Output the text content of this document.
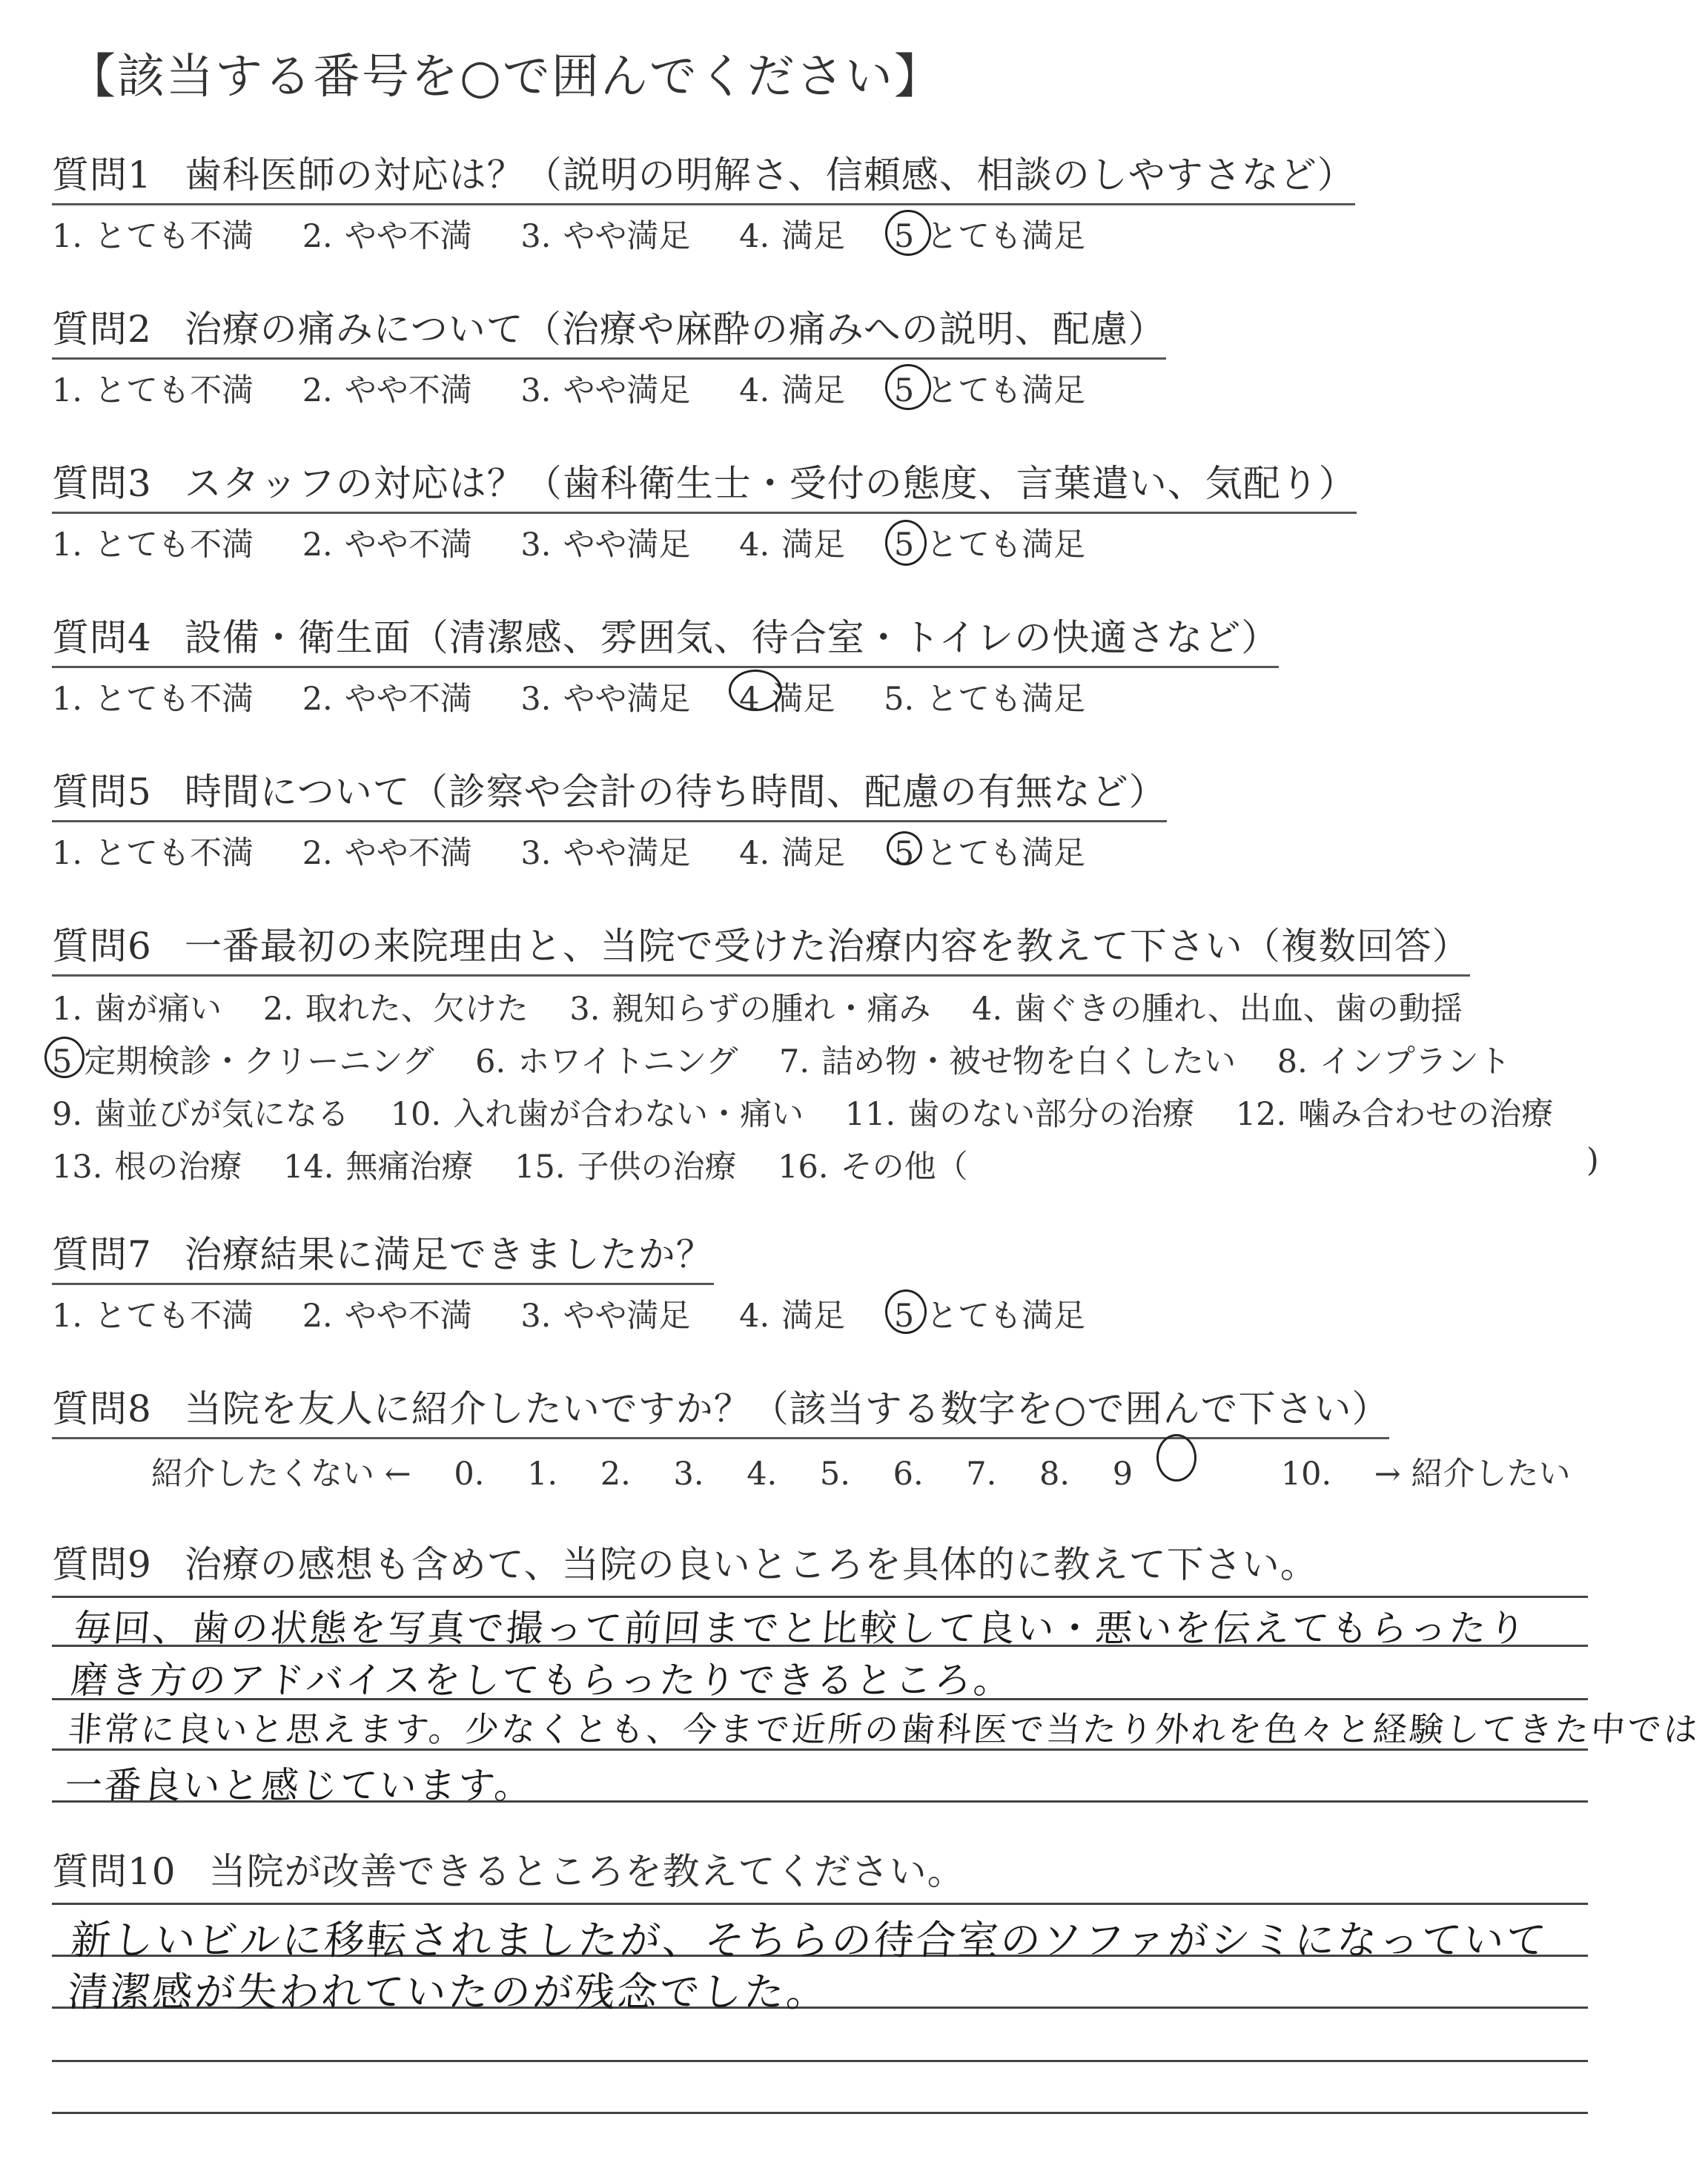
【該当する番号を○で囲んでください】
質問1 歯科医師の対応は？（説明の明解さ、信頼感、相談のしやすさなど）
1. とても不満 2. やや不満 3. やや満足 4. 満足 5 とても満足
質問2 治療の痛みについて（治療や麻酔の痛みへの説明、配慮）
1. とても不満 2. やや不満 3. やや満足 4. 満足 5 とても満足
質問3 スタッフの対応は？（歯科衛生士・受付の態度、言葉遣い、気配り）
1. とても不満 2. やや不満 3. やや満足 4. 満足 5 とても満足
質問4 設備・衛生面（清潔感、雰囲気、待合室・トイレの快適さなど）
1. とても不満 2. やや不満 3. やや満足 4 満足 5. とても満足
質問5 時間について（診察や会計の待ち時間、配慮の有無など）
1. とても不満 2. やや不満 3. やや満足 4. 満足 5 とても満足
質問6 一番最初の来院理由と、当院で受けた治療内容を教えて下さい（複数回答）
1. 歯が痛い 2. 取れた、欠けた 3. 親知らずの腫れ・痛み 4. 歯ぐきの腫れ、出血、歯の動揺
5 定期検診・クリーニング 6. ホワイトニング 7. 詰め物・被せ物を白くしたい 8. インプラント
9. 歯並びが気になる 10. 入れ歯が合わない・痛い 11. 歯のない部分の治療 12. 噛み合わせの治療
13. 根の治療 14. 無痛治療 15. 子供の治療 16. その他（	)
質問7 治療結果に満足できましたか？
1. とても不満 2. やや不満 3. やや満足 4. 満足 5 とても満足
質問8 当院を友人に紹介したいですか？（該当する数字を○で囲んで下さい）
紹介したくない ← 0. 1. 2. 3. 4. 5. 6. 7. 8. 9	10. → 紹介したい
質問9 治療の感想も含めて、当院の良いところを具体的に教えて下さい。
毎回、歯の状態を写真で撮って前回までと比較して良い・悪いを伝えてもらったり
磨き方のアドバイスをしてもらったりできるところ。
非常に良いと思えます。少なくとも、今まで近所の歯科医で当たり外れを色々と経験してきた中では
一番良いと感じています。
質問10 当院が改善できるところを教えてください。
新しいビルに移転されましたが、そちらの待合室のソファがシミになっていて
清潔感が失われていたのが残念でした。
